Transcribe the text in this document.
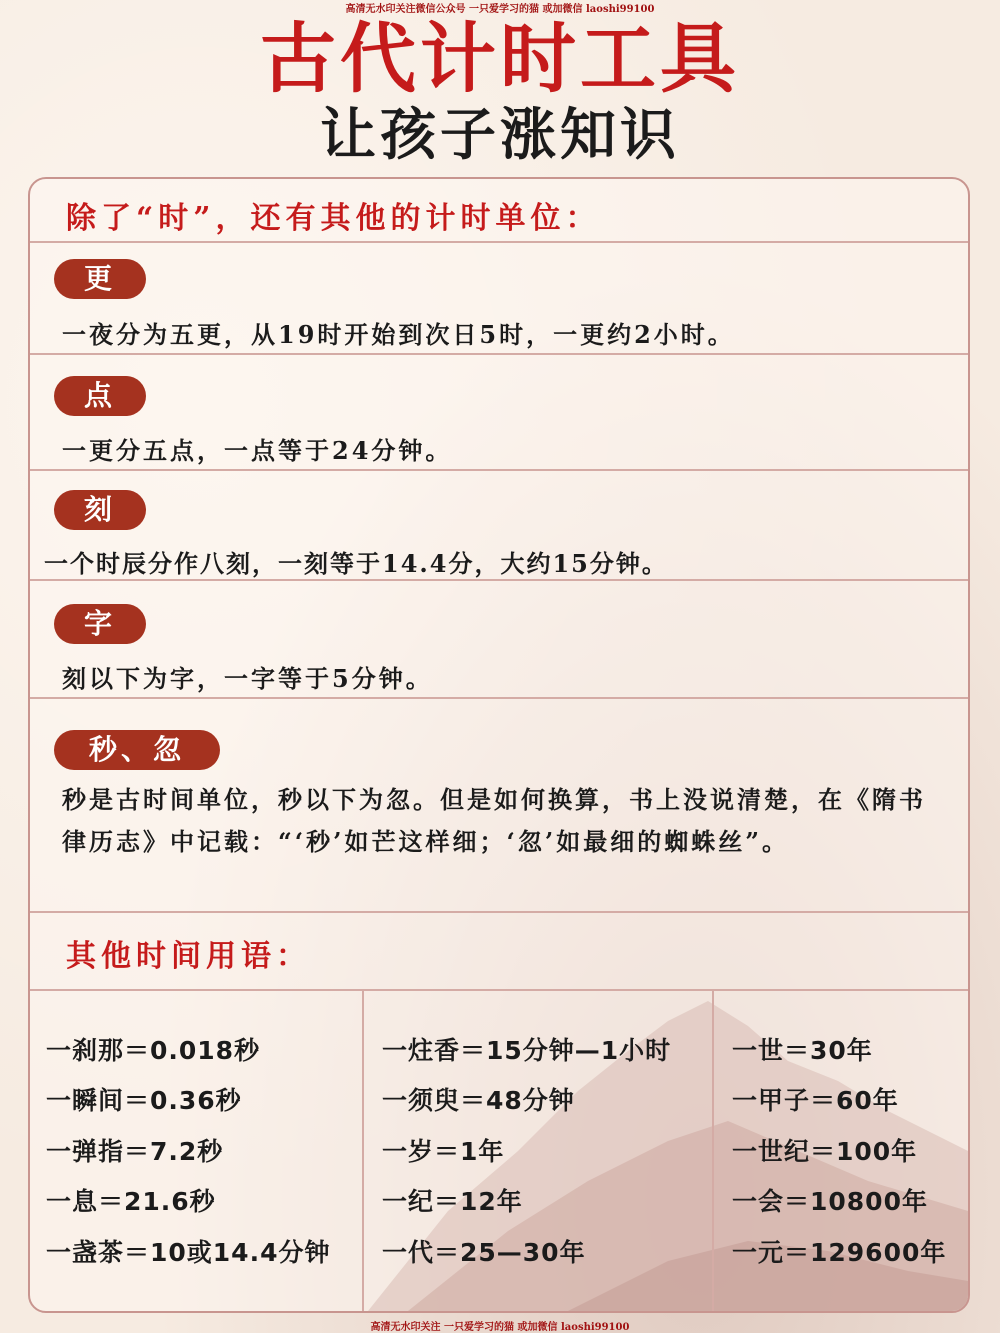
高清无水印关注微信公众号 一只爱学习的猫 或加微信 laoshi99100
古代计时工具
让孩子涨知识
除了“时”，还有其他的计时单位：
更
一夜分为五更，从19时开始到次日5时，一更约2小时。
点
一更分五点，一点等于24分钟。
刻
一个时辰分作八刻，一刻等于14.4分，大约15分钟。
字
刻以下为字，一字等于5分钟。
秒、忽
秒是古时间单位，秒以下为忽。但是如何换算，书上没说清楚，在《隋书律历志》中记载：“‘秒’如芒这样细；‘忽’如最细的蜘蛛丝”。
其他时间用语：
一刹那＝0.018秒
一瞬间＝0.36秒
一弹指＝7.2秒
一息＝21.6秒
一盏茶＝10或14.4分钟
一炷香＝15分钟—1小时
一须臾＝48分钟
一岁＝1年
一纪＝12年
一代＝25—30年
一世＝30年
一甲子＝60年
一世纪＝100年
一会＝10800年
一元＝129600年
高清无水印关注 一只爱学习的猫 或加微信 laoshi99100
